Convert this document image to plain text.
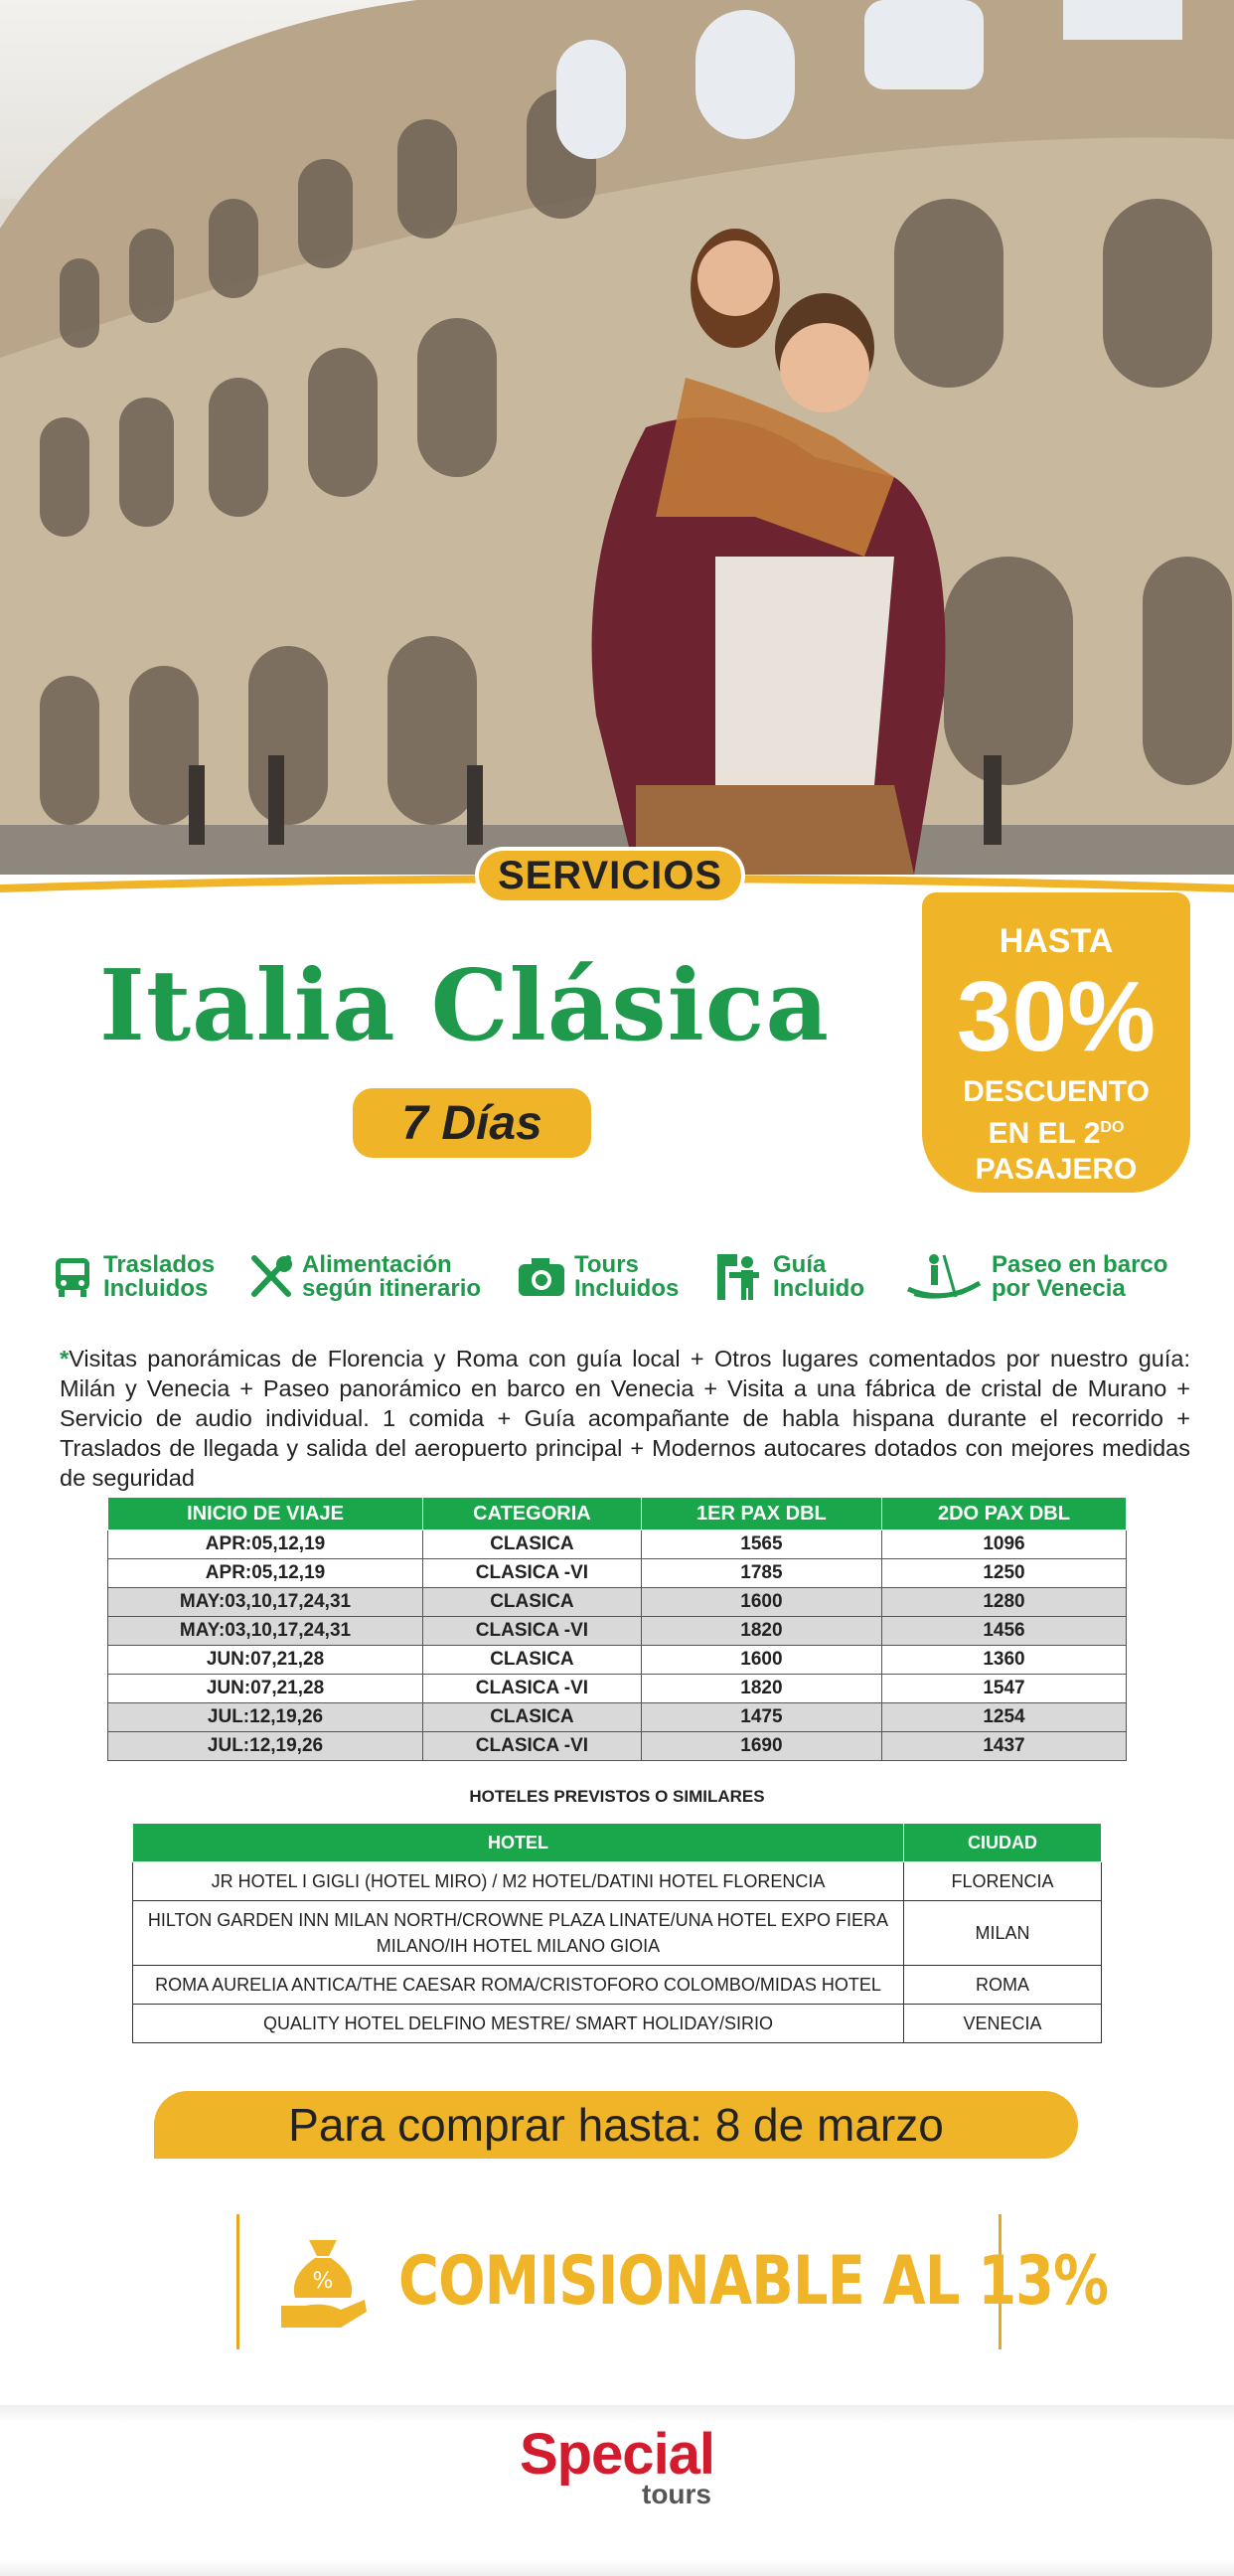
SERVICIOS
Italia Clásica
7 Días
HASTA
30%
DESCUENTO
EN EL $2^{DO}$ PASAJERO
Traslados
Incluidos
Alimentación
según itinerario
Tours
Incluidos
Guía
Incluido
Paseo en barco
por Venecia
*Visitas panorámicas de Florencia y Roma con guía local + Otros lugares comentados por nuestro guía: Milán y Venecia + Paseo panorámico en barco en Venecia + Visita a una fábrica de cristal de Murano + Servicio de audio individual. 1 comida + Guía acompañante de habla hispana durante el recorrido + Traslados de llegada y salida del aeropuerto principal + Modernos autocares dotados con mejores medidas de seguridad
INICIO DE VIAJE	CATEGORIA	1ER PAX DBL	2DO PAX DBL
APR:05,12,19	CLASICA	1565	1096
APR:05,12,19	CLASICA -VI	1785	1250
MAY:03,10,17,24,31	CLASICA	1600	1280
MAY:03,10,17,24,31	CLASICA -VI	1820	1456
JUN:07,21,28	CLASICA	1600	1360
JUN:07,21,28	CLASICA -VI	1820	1547
JUL:12,19,26	CLASICA	1475	1254
JUL:12,19,26	CLASICA -VI	1690	1437
HOTELES PREVISTOS O SIMILARES
HOTEL	CIUDAD
JR HOTEL I GIGLI (HOTEL MIRO) / M2 HOTEL/DATINI HOTEL FLORENCIA	FLORENCIA
HILTON GARDEN INN MILAN NORTH/CROWNE PLAZA LINATE/UNA HOTEL EXPO FIERA MILANO/IH HOTEL MILANO GIOIA	MILAN
ROMA AURELIA ANTICA/THE CAESAR ROMA/CRISTOFORO COLOMBO/MIDAS HOTEL	ROMA
QUALITY HOTEL DELFINO MESTRE/ SMART HOLIDAY/SIRIO	VENECIA
Para comprar hasta: 8 de marzo
% COMISIONABLE AL 13%
Special
tours
